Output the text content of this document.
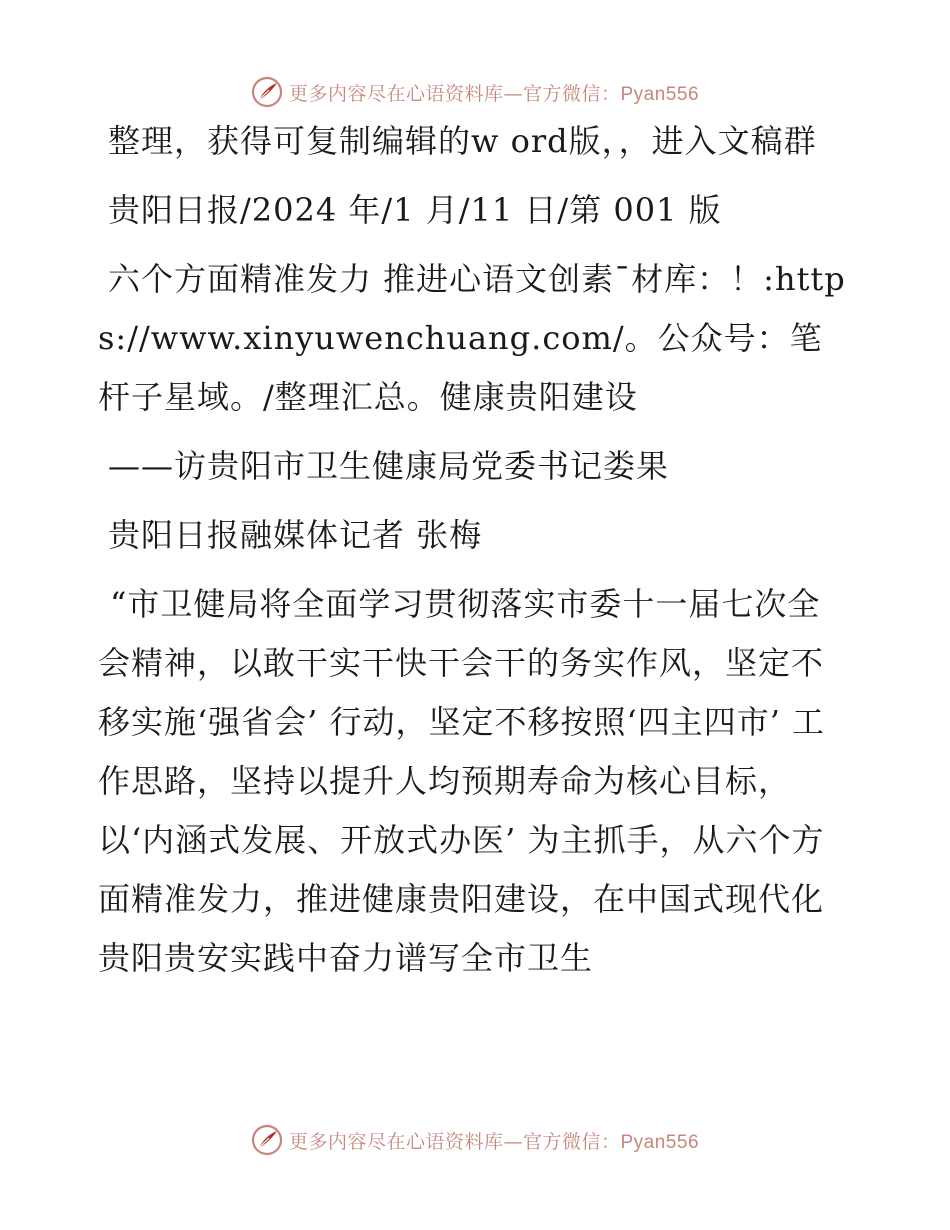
更多内容尽在心语资料库—官方微信：Pyan556

整理，获得可复制编辑的w ord版，，进入文稿群

贵阳日报/2024 年/1 月/11 日/第 001 版

六个方面精准发力 推进心语文创素¯材库：！:https://www.xinyuwenchuang.com/。公众号：笔杆子星域。/整理汇总。健康贵阳建设

——访贵阳市卫生健康局党委书记娄果

贵阳日报融媒体记者 张梅

“市卫健局将全面学习贯彻落实市委十一届七次全会精神，以敢干实干快干会干的务实作风，坚定不移实施‘强省会’ 行动，坚定不移按照‘四主四市’ 工作思路，坚持以提升人均预期寿命为核心目标，以‘内涵式发展、开放式办医’ 为主抓手，从六个方面精准发力，推进健康贵阳建设，在中国式现代化贵阳贵安实践中奋力谱写全市卫生

更多内容尽在心语资料库—官方微信：Pyan556
